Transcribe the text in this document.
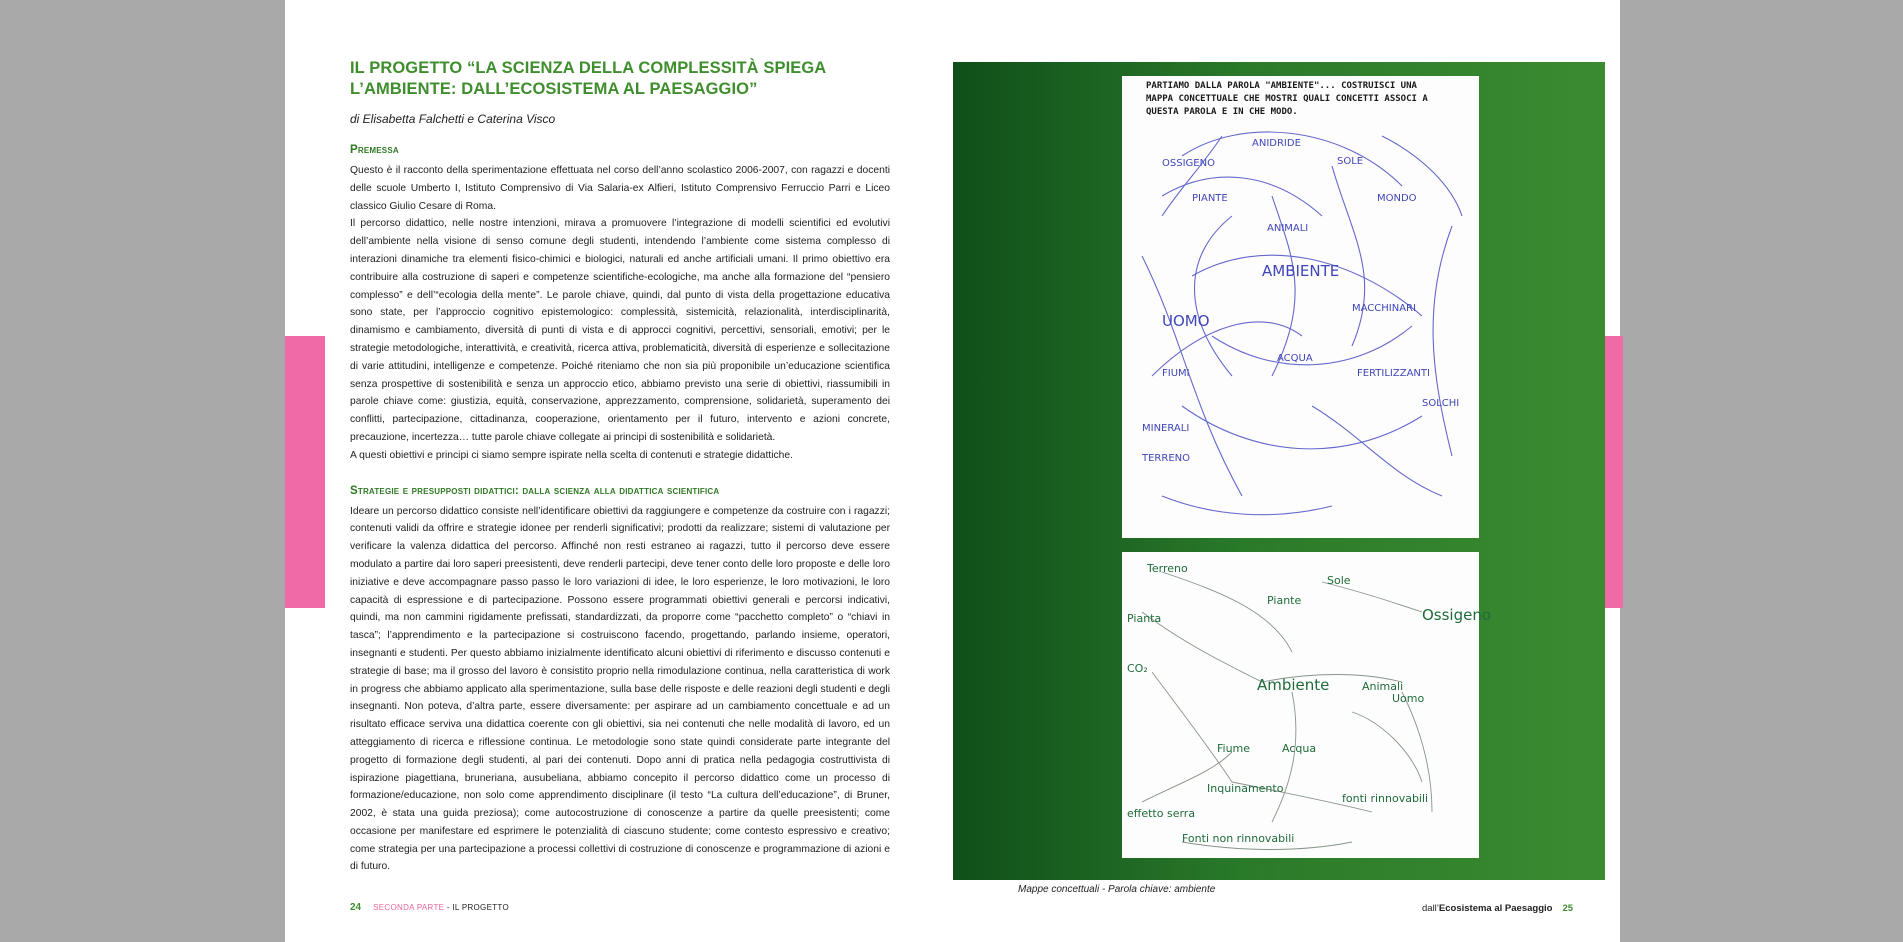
IL PROGETTO “LA SCIENZA DELLA COMPLESSITÀ SPIEGA L’AMBIENTE: DALL’ECOSISTEMA AL PAESAGGIO”
di Elisabetta Falchetti e Caterina Visco
Premessa

Questo è il racconto della sperimentazione effettuata nel corso dell’anno scolastico 2006-2007, con ragazzi e docenti delle scuole Umberto I, Istituto Comprensivo di Via Salaria-ex Alfieri, Istituto Comprensivo Ferruccio Parri e Liceo classico Giulio Cesare di Roma.

Il percorso didattico, nelle nostre intenzioni, mirava a promuovere l’integrazione di modelli scientifici ed evolutivi dell’ambiente nella visione di senso comune degli studenti, intendendo l’ambiente come sistema complesso di interazioni dinamiche tra elementi fisico-chimici e biologici, naturali ed anche artificiali umani. Il primo obiettivo era contribuire alla costruzione di saperi e competenze scientifiche-ecologiche, ma anche alla formazione del “pensiero complesso” e dell’“ecologia della mente”. Le parole chiave, quindi, dal punto di vista della progettazione educativa sono state, per l’approccio cognitivo epistemologico: complessità, sistemicità, relazionalità, interdisciplinarità, dinamismo e cambiamento, diversità di punti di vista e di approcci cognitivi, percettivi, sensoriali, emotivi; per le strategie metodologiche, interattività, e creatività, ricerca attiva, problematicità, diversità di esperienze e sollecitazione di varie attitudini, intelligenze e competenze. Poiché riteniamo che non sia più proponibile un’educazione scientifica senza prospettive di sostenibilità e senza un approccio etico, abbiamo previsto una serie di obiettivi, riassumibili in parole chiave come: giustizia, equità, conservazione, apprezzamento, comprensione, solidarietà, superamento dei conflitti, partecipazione, cittadinanza, cooperazione, orientamento per il futuro, intervento e azioni concrete, precauzione, incertezza… tutte parole chiave collegate ai principi di sostenibilità e solidarietà.

A questi obiettivi e principi ci siamo sempre ispirate nella scelta di contenuti e strategie didattiche.

Strategie e presupposti didattici: dalla scienza alla didattica scientifica

Ideare un percorso didattico consiste nell’identificare obiettivi da raggiungere e competenze da costruire con i ragazzi; contenuti validi da offrire e strategie idonee per renderli significativi; prodotti da realizzare; sistemi di valutazione per verificare la valenza didattica del percorso. Affinché non resti estraneo ai ragazzi, tutto il percorso deve essere modulato a partire dai loro saperi preesistenti, deve renderli partecipi, deve tener conto delle loro proposte e delle loro iniziative e deve accompagnare passo passo le loro variazioni di idee, le loro esperienze, le loro motivazioni, le loro capacità di espressione e di partecipazione. Possono essere programmati obiettivi generali e percorsi indicativi, quindi, ma non cammini rigidamente prefissati, standardizzati, da proporre come “pacchetto completo” o “chiavi in tasca”; l’apprendimento e la partecipazione si costruiscono facendo, progettando, parlando insieme, operatori, insegnanti e studenti. Per questo abbiamo inizialmente identificato alcuni obiettivi di riferimento e discusso contenuti e strategie di base; ma il grosso del lavoro è consistito proprio nella rimodulazione continua, nella caratteristica di work in progress che abbiamo applicato alla sperimentazione, sulla base delle risposte e delle reazioni degli studenti e degli insegnanti. Non poteva, d’altra parte, essere diversamente: per aspirare ad un cambiamento concettuale e ad un risultato efficace serviva una didattica coerente con gli obiettivi, sia nei contenuti che nelle modalità di lavoro, ed un atteggiamento di ricerca e riflessione continua. Le metodologie sono state quindi considerate parte integrante del progetto di formazione degli studenti, al pari dei contenuti. Dopo anni di pratica nella pedagogia costruttivista di ispirazione piagettiana, bruneriana, ausubeliana, abbiamo concepito il percorso didattico come un processo di formazione/educazione, non solo come apprendimento disciplinare (il testo “La cultura dell’educazione”, di Bruner, 2002, è stata una guida preziosa); come autocostruzione di conoscenze a partire da quelle preesistenti; come occasione per manifestare ed esprimere le potenzialità di ciascuno studente; come contesto espressivo e creativo; come strategia per una partecipazione a processi collettivi di costruzione di conoscenze e programmazione di azioni e di futuro.

24 SECONDA PARTE - IL PROGETTO
ANIDRIDE
OSSIGENO	SOLE
PIANTE	MONDO
ANIMALI
AMBIENTE
MACCHINARI
UOMO
ACQUA
FIUMI	FERTILIZZANTI
MINERALI
TERRENO
SOLCHI
PARTIAMO DALLA PAROLA "AMBIENTE"... COSTRUISCI UNA MAPPA CONCETTUALE CHE MOSTRI QUALI CONCETTI ASSOCI A QUESTA PAROLA E IN CHE MODO.
Terreno
Sole
Piante
Ossigeno
Pianta
CO₂
Ambiente	Animali
Uomo
Fiume	Acqua
Inquinamento
Fonti non rinnovabili
fonti rinnovabili
effetto serra
Mappe concettuali - Parola chiave: ambiente
dall’Ecosistema al Paesaggio 25
